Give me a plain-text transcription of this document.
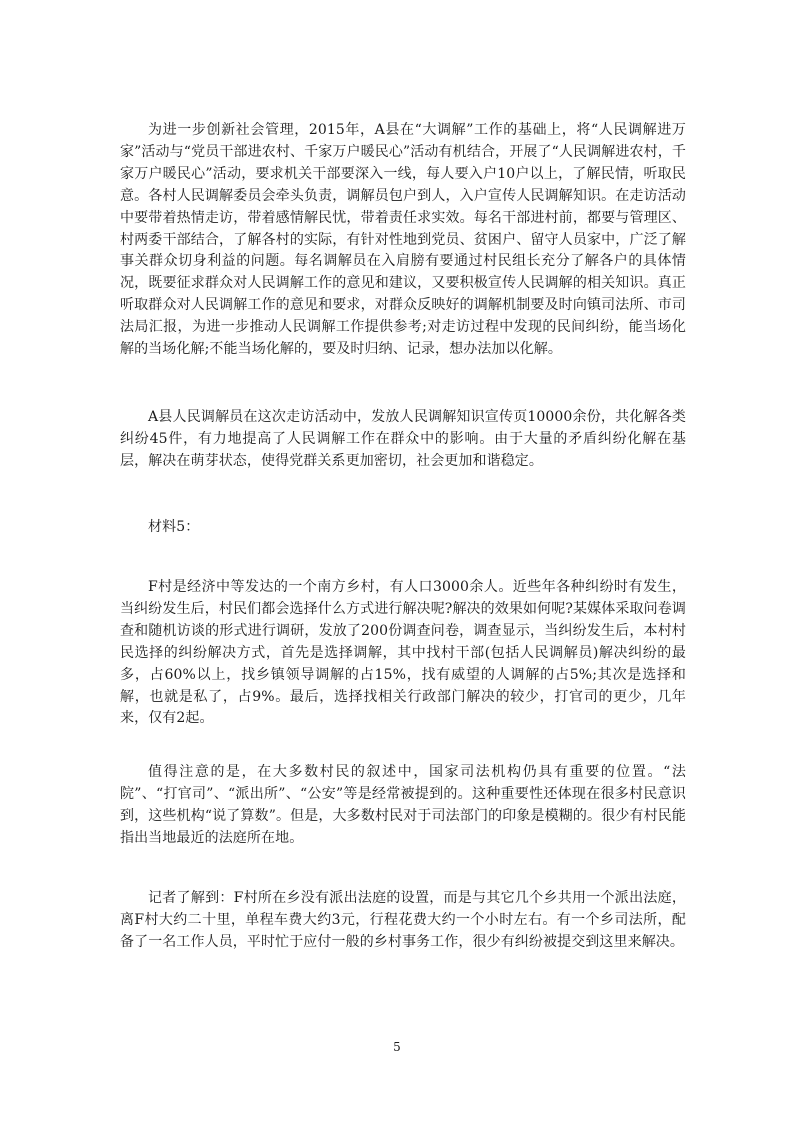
为进一步创新社会管理，2015年，A县在“大调解”工作的基础上，将“人民调解进万家”活动与“党员干部进农村、千家万户暖民心”活动有机结合，开展了“人民调解进农村，千家万户暖民心”活动，要求机关干部要深入一线，每人要入户10户以上，了解民情，听取民意。各村人民调解委员会牵头负责，调解员包户到人，入户宣传人民调解知识。在走访活动中要带着热情走访，带着感情解民忧，带着责任求实效。每名干部进村前，都要与管理区、村两委干部结合，了解各村的实际，有针对性地到党员、贫困户、留守人员家中，广泛了解事关群众切身利益的问题。每名调解员在入肩膀有要通过村民组长充分了解各户的具体情况，既要征求群众对人民调解工作的意见和建议，又要积极宣传人民调解的相关知识。真正听取群众对人民调解工作的意见和要求，对群众反映好的调解机制要及时向镇司法所、市司法局汇报，为进一步推动人民调解工作提供参考;对走访过程中发现的民间纠纷，能当场化解的当场化解;不能当场化解的，要及时归纳、记录，想办法加以化解。

A县人民调解员在这次走访活动中，发放人民调解知识宣传页10000余份，共化解各类纠纷45件，有力地提高了人民调解工作在群众中的影响。由于大量的矛盾纠纷化解在基层，解决在萌芽状态，使得党群关系更加密切，社会更加和谐稳定。

材料5：

F村是经济中等发达的一个南方乡村，有人口3000余人。近些年各种纠纷时有发生，当纠纷发生后，村民们都会选择什么方式进行解决呢?解决的效果如何呢?某媒体采取问卷调查和随机访谈的形式进行调研，发放了200份调查问卷，调查显示，当纠纷发生后，本村村民选择的纠纷解决方式，首先是选择调解，其中找村干部(包括人民调解员)解决纠纷的最多，占60%以上，找乡镇领导调解的占15%，找有威望的人调解的占5%;其次是选择和解，也就是私了，占9%。最后，选择找相关行政部门解决的较少，打官司的更少，几年来，仅有2起。

值得注意的是，在大多数村民的叙述中，国家司法机构仍具有重要的位置。“法院”、“打官司”、“派出所”、“公安”等是经常被提到的。这种重要性还体现在很多村民意识到，这些机构“说了算数”。但是，大多数村民对于司法部门的印象是模糊的。很少有村民能指出当地最近的法庭所在地。

记者了解到：F村所在乡没有派出法庭的设置，而是与其它几个乡共用一个派出法庭，离F村大约二十里，单程车费大约3元，行程花费大约一个小时左右。有一个乡司法所，配备了一名工作人员，平时忙于应付一般的乡村事务工作，很少有纠纷被提交到这里来解决。

5
